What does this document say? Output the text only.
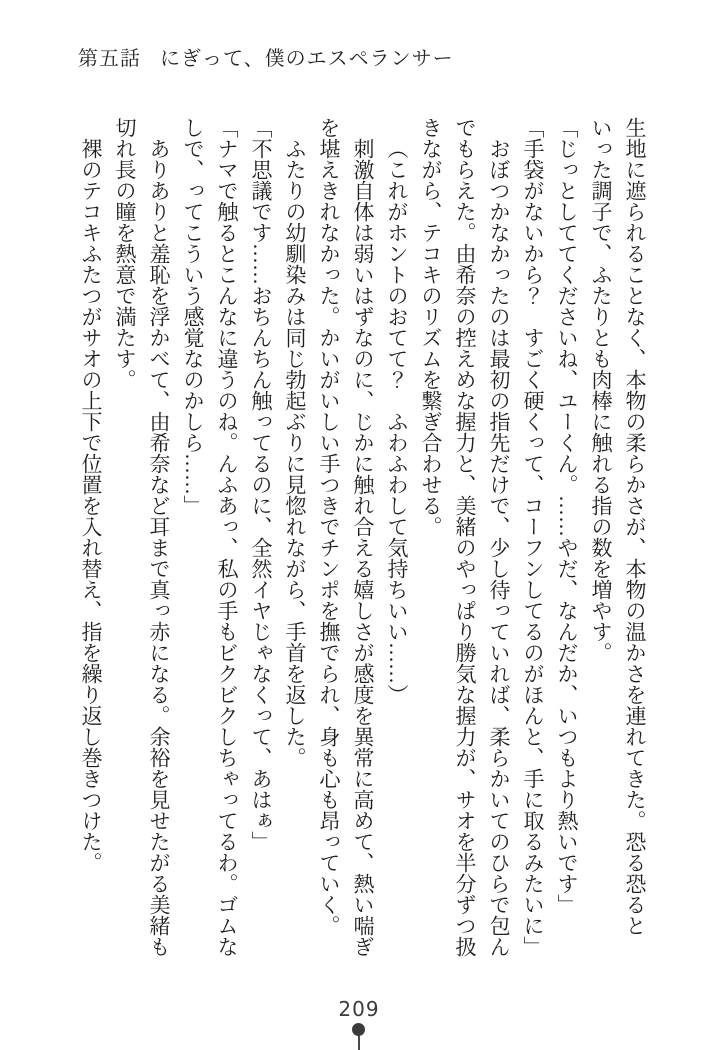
第五話 にぎって、僕のエスペランサー

生地に遮られることなく、本物の柔らかさが、本物の温かさを連れてきた。恐る恐るといった調子で、ふたりとも肉棒に触れる指の数を増やす。

「じっとしててくださいね、ユーくん。……やだ、なんだか、いつもより熱いです」

「手袋がないから？　すごく硬くって、コーフンしてるのがほんと、手に取るみたいに」

おぼつかなかったのは最初の指先だけで、少し待っていれば、柔らかいてのひらで包んでもらえた。由希奈の控えめな握力と、美緒のやっぱり勝気な握力が、サオを半分ずつ扱きながら、テコキのリズムを繋ぎ合わせる。

（これがホントのおてて？　ふわふわして気持ちいい……）

刺激自体は弱いはずなのに、じかに触れ合える嬉しさが感度を異常に高めて、熱い喘ぎを堪えきれなかった。かいがいしい手つきでチンポを撫でられ、身も心も昂っていく。

ふたりの幼馴染みは同じ勃起ぶりに見惚れながら、手首を返した。

「不思議です……おちんちん触ってるのに、全然イヤじゃなくって、あはぁ」

「ナマで触るとこんなに違うのね。んふあっ、私の手もビクビクしちゃってるわ。ゴムなしで、ってこういう感覚なのかしら……」

ありありと羞恥を浮かべて、由希奈など耳まで真っ赤になる。余裕を見せたがる美緒も切れ長の瞳を熱意で満たす。

裸のテコキふたつがサオの上下で位置を入れ替え、指を繰り返し巻きつけた。

209
